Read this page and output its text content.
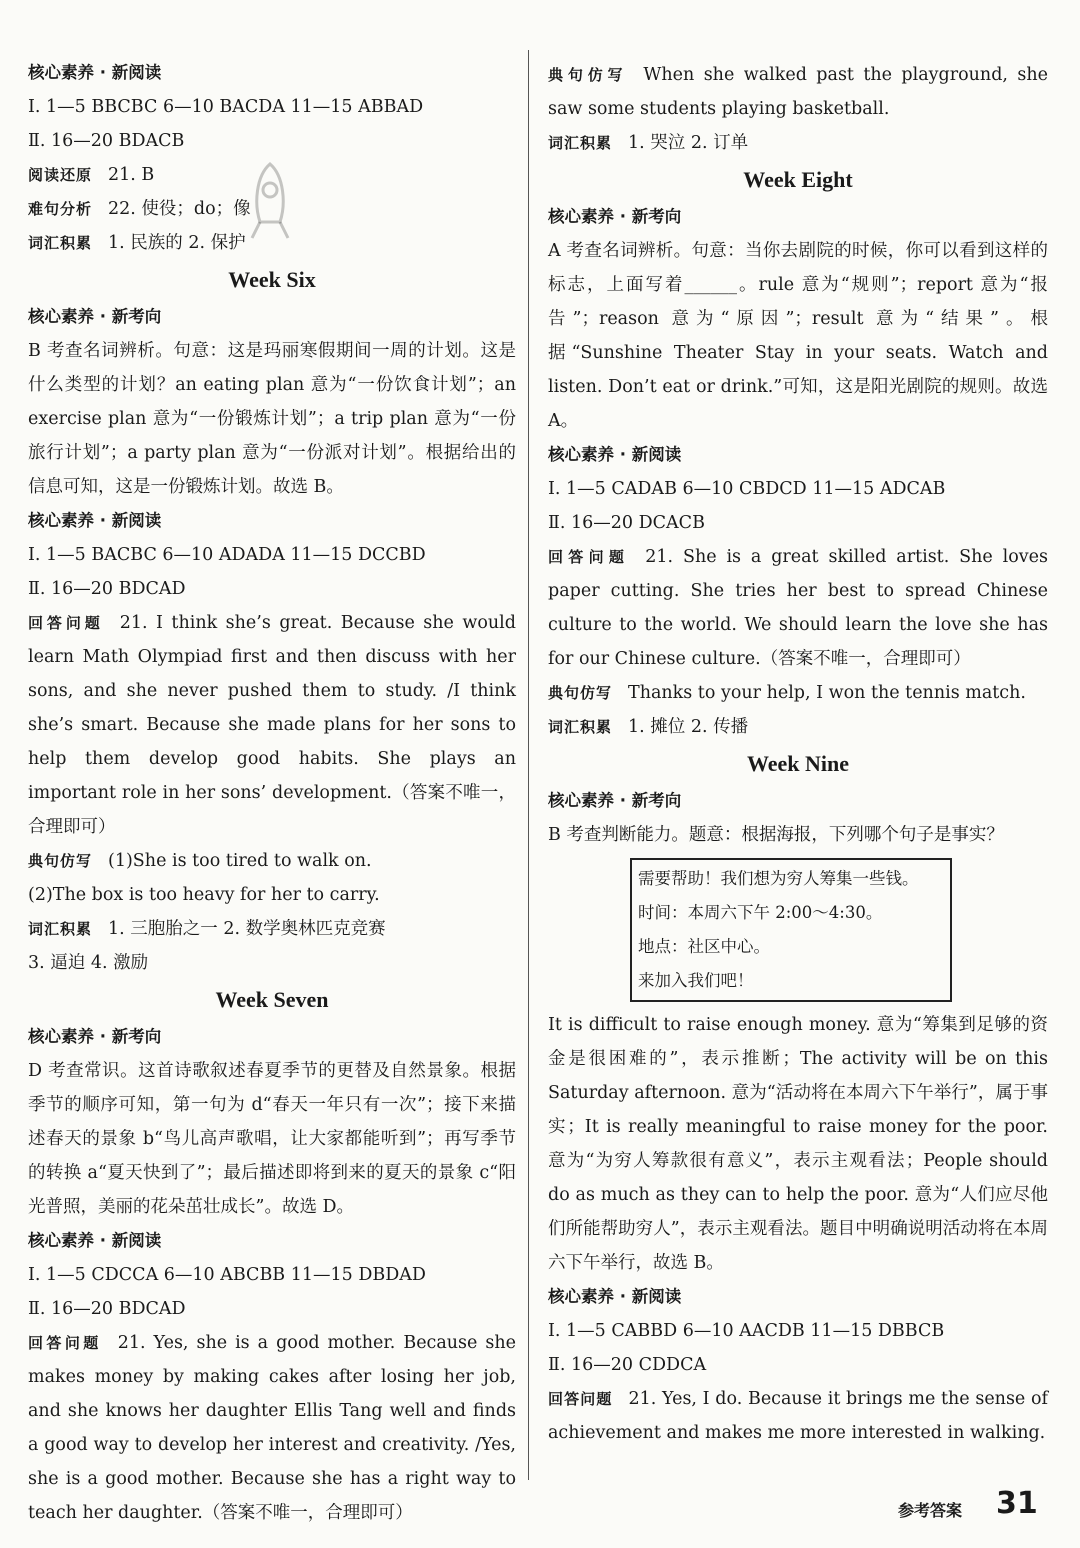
核心素养 · 新阅读
Ⅰ. 1—5 BBCBC 6—10 BACDA 11—15 ABBAD
Ⅱ. 16—20 BDACB
阅读还原 21. B
难句分析 22. 使役；do；像
词汇积累 1. 民族的 2. 保护
Week Six
核心素养 · 新考向
B 考查名词辨析。句意：这是玛丽寒假期间一周的计划。这是什么类型的计划？an eating plan 意为“一份饮食计划”；an exercise plan 意为“一份锻炼计划”；a trip plan 意为“一份旅行计划”；a party plan 意为“一份派对计划”。根据给出的信息可知，这是一份锻炼计划。故选 B。
核心素养 · 新阅读
Ⅰ. 1—5 BACBC 6—10 ADADA 11—15 DCCBD
Ⅱ. 16—20 BDCAD
回答问题 21. I think she’s great. Because she would learn Math Olympiad first and then discuss with her sons, and she never pushed them to study. /I think she’s smart. Because she made plans for her sons to help them develop good habits. She plays an important role in her sons’ development.（答案不唯一，合理即可）
典句仿写 (1)She is too tired to walk on.
(2)The box is too heavy for her to carry.
词汇积累 1. 三胞胎之一 2. 数学奥林匹克竞赛
3. 逼迫 4. 激励
Week Seven
核心素养 · 新考向
D 考查常识。这首诗歌叙述春夏季节的更替及自然景象。根据季节的顺序可知，第一句为 d“春天一年只有一次”；接下来描述春天的景象 b“鸟儿高声歌唱，让大家都能听到”；再写季节的转换 a“夏天快到了”；最后描述即将到来的夏天的景象 c“阳光普照，美丽的花朵茁壮成长”。故选 D。
核心素养 · 新阅读
Ⅰ. 1—5 CDCCA 6—10 ABCBB 11—15 DBDAD
Ⅱ. 16—20 BDCAD
回答问题 21. Yes, she is a good mother. Because she makes money by making cakes after losing her job, and she knows her daughter Ellis Tang well and finds a good way to develop her interest and creativity. /Yes, she is a good mother. Because she has a right way to teach her daughter.（答案不唯一，合理即可）
典句仿写 When she walked past the playground, she saw some students playing basketball.
词汇积累 1. 哭泣 2. 订单
Week Eight
核心素养 · 新考向
A 考查名词辨析。句意：当你去剧院的时候，你可以看到这样的标志，上面写着______。rule 意为“规则”；report 意为“报告”；reason 意为“原因”；result 意为“结果”。根据“Sunshine Theater Stay in your seats. Watch and listen. Don’t eat or drink.”可知，这是阳光剧院的规则。故选 A。
核心素养 · 新阅读
Ⅰ. 1—5 CADAB 6—10 CBDCD 11—15 ADCAB
Ⅱ. 16—20 DCACB
回答问题 21. She is a great skilled artist. She loves paper cutting. She tries her best to spread Chinese culture to the world. We should learn the love she has for our Chinese culture.（答案不唯一，合理即可）
典句仿写 Thanks to your help, I won the tennis match.
词汇积累 1. 摊位 2. 传播
Week Nine
核心素养 · 新考向
B 考查判断能力。题意：根据海报，下列哪个句子是事实？
需要帮助！我们想为穷人筹集一些钱。
时间：本周六下午 2:00～4:30。
地点：社区中心。
来加入我们吧！
It is difficult to raise enough money. 意为“筹集到足够的资金是很困难的”，表示推断；The activity will be on this Saturday afternoon. 意为“活动将在本周六下午举行”，属于事实；It is really meaningful to raise money for the poor. 意为“为穷人筹款很有意义”，表示主观看法；People should do as much as they can to help the poor. 意为“人们应尽他们所能帮助穷人”，表示主观看法。题目中明确说明活动将在本周六下午举行，故选 B。
核心素养 · 新阅读
Ⅰ. 1—5 CABBD 6—10 AACDB 11—15 DBBCB
Ⅱ. 16—20 CDDCA
回答问题 21. Yes, I do. Because it brings me the sense of achievement and makes me more interested in walking.
参考答案 31
